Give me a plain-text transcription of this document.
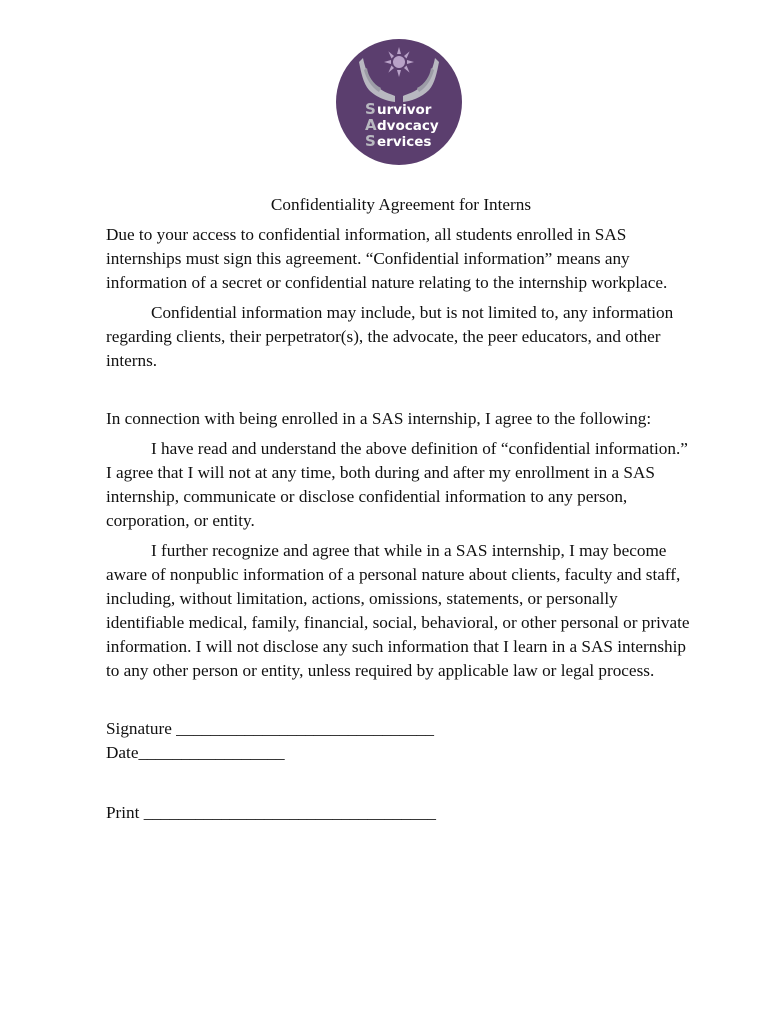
S
A
S
urvivor
dvocacy
ervices
Confidentiality Agreement for Interns

Due to your access to confidential information, all students enrolled in SAS internships must sign this agreement. “Confidential information” means any information of a secret or confidential nature relating to the internship workplace.

Confidential information may include, but is not limited to, any information regarding clients, their perpetrator(s), the advocate, the peer educators, and other interns.

In connection with being enrolled in a SAS internship, I agree to the following:

I have read and understand the above definition of “confidential information.” I agree that I will not at any time, both during and after my enrollment in a SAS internship, communicate or disclose confidential information to any person, corporation, or entity.

I further recognize and agree that while in a SAS internship, I may become aware of nonpublic information of a personal nature about clients, faculty and staff, including, without limitation, actions, omissions, statements, or personally identifiable medical, family, financial, social, behavioral, or other personal or private information. I will not disclose any such information that I learn in a SAS internship to any other person or entity, unless required by applicable law or legal process.

Signature ______________________________
Date_________________
Print __________________________________
